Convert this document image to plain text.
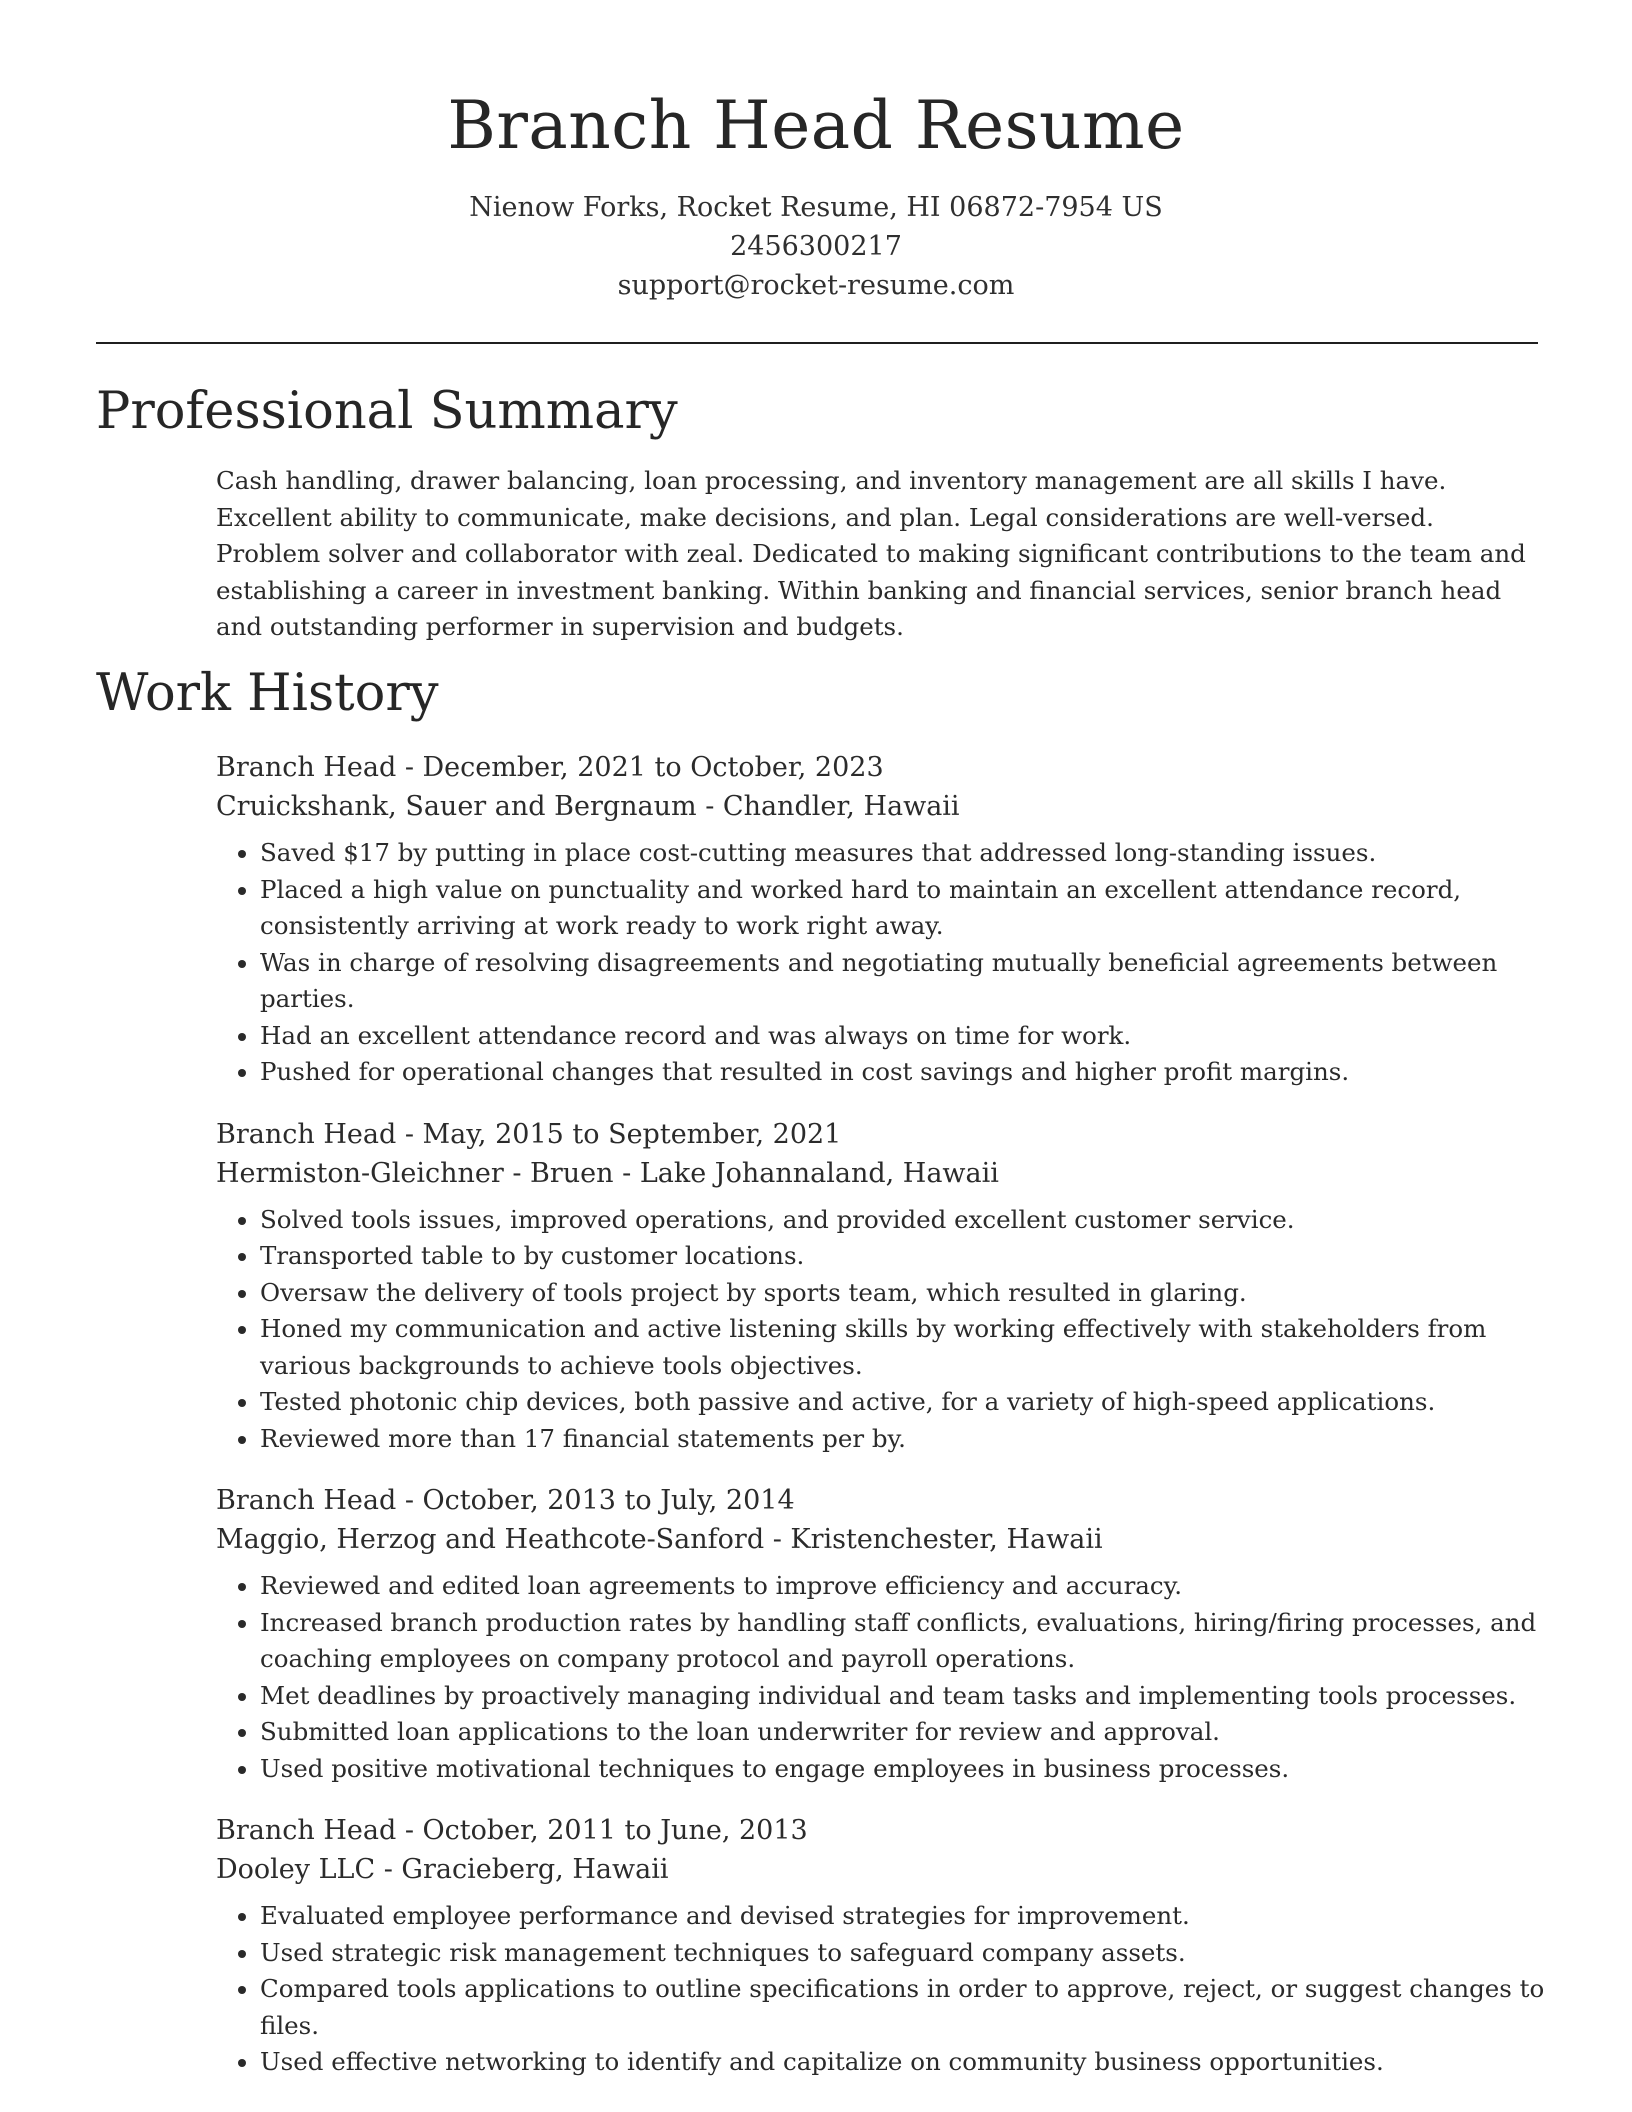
Branch Head Resume
Nienow Forks, Rocket Resume, HI 06872-7954 US
2456300217
support@rocket-resume.com
Professional Summary
Cash handling, drawer balancing, loan processing, and inventory management are all skills I have. Excellent ability to communicate, make decisions, and plan. Legal considerations are well-versed. Problem solver and collaborator with zeal. Dedicated to making significant contributions to the team and establishing a career in investment banking. Within banking and financial services, senior branch head and outstanding performer in supervision and budgets.
Work History
Branch Head - December, 2021 to October, 2023
Cruickshank, Sauer and Bergnaum - Chandler, Hawaii
• Saved $17 by putting in place cost-cutting measures that addressed long-standing issues.
• Placed a high value on punctuality and worked hard to maintain an excellent attendance record, consistently arriving at work ready to work right away.
• Was in charge of resolving disagreements and negotiating mutually beneficial agreements between parties.
• Had an excellent attendance record and was always on time for work.
• Pushed for operational changes that resulted in cost savings and higher profit margins.
Branch Head - May, 2015 to September, 2021
Hermiston-Gleichner - Bruen - Lake Johannaland, Hawaii
• Solved tools issues, improved operations, and provided excellent customer service.
• Transported table to by customer locations.
• Oversaw the delivery of tools project by sports team, which resulted in glaring.
• Honed my communication and active listening skills by working effectively with stakeholders from various backgrounds to achieve tools objectives.
• Tested photonic chip devices, both passive and active, for a variety of high-speed applications.
• Reviewed more than 17 financial statements per by.
Branch Head - October, 2013 to July, 2014
Maggio, Herzog and Heathcote-Sanford - Kristenchester, Hawaii
• Reviewed and edited loan agreements to improve efficiency and accuracy.
• Increased branch production rates by handling staff conflicts, evaluations, hiring/firing processes, and coaching employees on company protocol and payroll operations.
• Met deadlines by proactively managing individual and team tasks and implementing tools processes.
• Submitted loan applications to the loan underwriter for review and approval.
• Used positive motivational techniques to engage employees in business processes.
Branch Head - October, 2011 to June, 2013
Dooley LLC - Gracieberg, Hawaii
• Evaluated employee performance and devised strategies for improvement.
• Used strategic risk management techniques to safeguard company assets.
• Compared tools applications to outline specifications in order to approve, reject, or suggest changes to files.
• Used effective networking to identify and capitalize on community business opportunities.
